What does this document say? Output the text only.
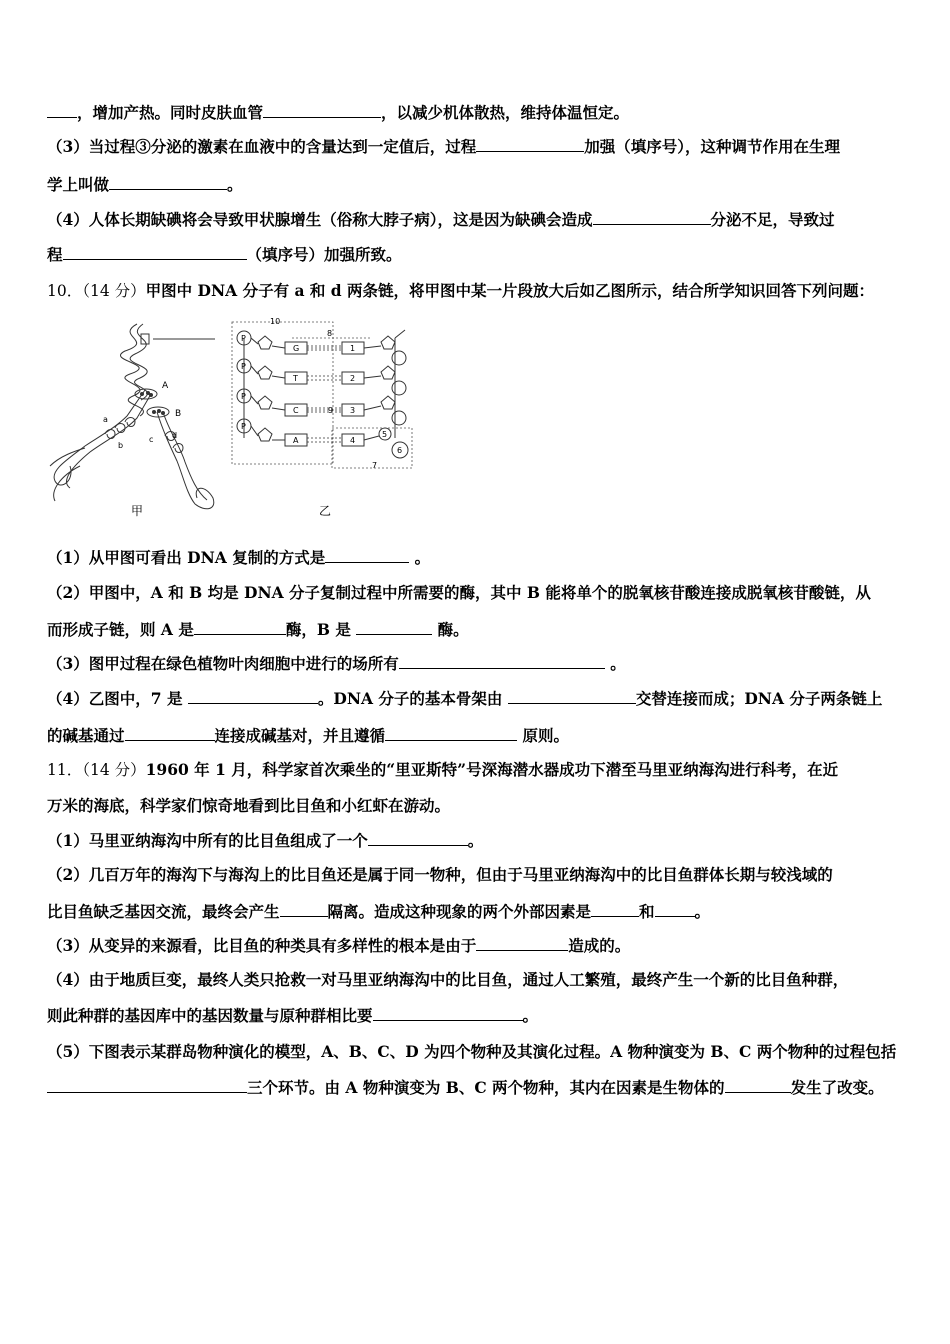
，增加产热。同时皮肤血管	，以减少机体散热，维持体温恒定。
（3）当过程③分泌的激素在血液中的含量达到一定值后，过程	加强（填序号），这种调节作用在生理
学上叫做	。
（4）人体长期缺碘将会导致甲状腺增生（俗称大脖子病），这是因为缺碘会造成	分泌不足，导致过
程	（填序号）加强所致。
10．（14 分）甲图中 DNA 分子有 a 和 d 两条链，将甲图中某一片段放大后如乙图所示，结合所学知识回答下列问题：
A
B
a
b
c d
P
P
P
P
G
T
C
A
1
2
3
4
5
6
7
8
9
10
甲	乙
（1）从甲图可看出 DNA 复制的方式是	。
（2）甲图中，A 和 B 均是 DNA 分子复制过程中所需要的酶，其中 B 能将单个的脱氧核苷酸连接成脱氧核苷酸链，从
而形成子链，则 A 是	酶，B 是	酶。
（3）图甲过程在绿色植物叶肉细胞中进行的场所有	。
（4）乙图中，7 是	。DNA 分子的基本骨架由	交替连接而成；DNA 分子两条链上
的碱基通过	连接成碱基对，并且遵循	原则。
11．（14 分）1960 年 1 月，科学家首次乘坐的“里亚斯特”号深海潜水器成功下潜至马里亚纳海沟进行科考，在近
万米的海底，科学家们惊奇地看到比目鱼和小红虾在游动。
（1）马里亚纳海沟中所有的比目鱼组成了一个	。
（2）几百万年的海沟下与海沟上的比目鱼还是属于同一物种，但由于马里亚纳海沟中的比目鱼群体长期与较浅域的
比目鱼缺乏基因交流，最终会产生	隔离。造成这种现象的两个外部因素是	和	。
（3）从变异的来源看，比目鱼的种类具有多样性的根本是由于	造成的。
（4）由于地质巨变，最终人类只抢救一对马里亚纳海沟中的比目鱼，通过人工繁殖，最终产生一个新的比目鱼种群，
则此种群的基因库中的基因数量与原种群相比要	。
（5）下图表示某群岛物种演化的模型，A、B、C、D 为四个物种及其演化过程。A 物种演变为 B、C 两个物种的过程包括
三个环节。由 A 物种演变为 B、C 两个物种，其内在因素是生物体的	发生了改变。
